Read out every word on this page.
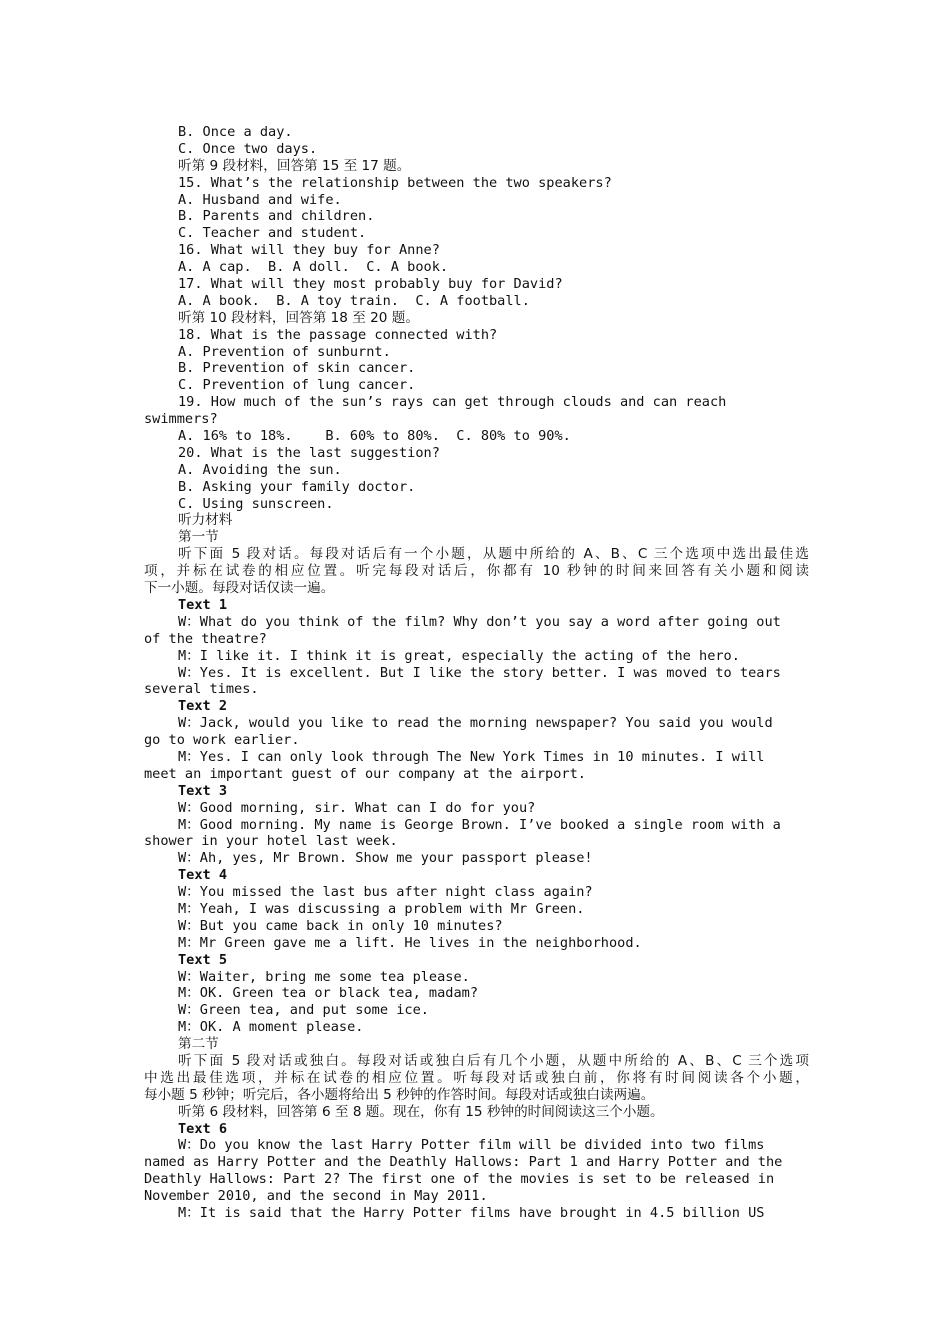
B. Once a day.
C. Once two days.
听第 9 段材料，回答第 15 至 17 题。
15. What’s the relationship between the two speakers?
A. Husband and wife.
B. Parents and children.
C. Teacher and student.
16. What will they buy for Anne?
A. A cap.  B. A doll.  C. A book.
17. What will they most probably buy for David?
A. A book.  B. A toy train.  C. A football.
听第 10 段材料，回答第 18 至 20 题。
18. What is the passage connected with?
A. Prevention of sunburnt.
B. Prevention of skin cancer.
C. Prevention of lung cancer.
19. How much of the sun’s rays can get through clouds and can reach
swimmers?
A. 16% to 18%.    B. 60% to 80%.  C. 80% to 90%.
20. What is the last suggestion?
A. Avoiding the sun.
B. Asking your family doctor.
C. Using sunscreen.
听力材料
第一节
听下面 5 段对话。每段对话后有一个小题，从题中所给的 A、B、C 三个选项中选出最佳选
项，并标在试卷的相应位置。听完每段对话后，你都有 10 秒钟的时间来回答有关小题和阅读
下一小题。每段对话仅读一遍。
Text 1
W：What do you think of the film? Why don’t you say a word after going out
of the theatre?
M：I like it. I think it is great, especially the acting of the hero.
W：Yes. It is excellent. But I like the story better. I was moved to tears
several times.
Text 2
W：Jack, would you like to read the morning newspaper? You said you would
go to work earlier.
M：Yes. I can only look through The New York Times in 10 minutes. I will
meet an important guest of our company at the airport.
Text 3
W：Good morning, sir. What can I do for you?
M：Good morning. My name is George Brown. I’ve booked a single room with a
shower in your hotel last week.
W：Ah, yes, Mr Brown. Show me your passport please!
Text 4
W：You missed the last bus after night class again?
M：Yeah, I was discussing a problem with Mr Green.
W：But you came back in only 10 minutes?
M：Mr Green gave me a lift. He lives in the neighborhood.
Text 5
W：Waiter, bring me some tea please.
M：OK. Green tea or black tea, madam?
W：Green tea, and put some ice.
M：OK. A moment please.
第二节
听下面 5 段对话或独白。每段对话或独白后有几个小题，从题中所给的 A、B、C 三个选项
中选出最佳选项，并标在试卷的相应位置。听每段对话或独白前，你将有时间阅读各个小题，
每小题 5 秒钟；听完后，各小题将给出 5 秒钟的作答时间。每段对话或独白读两遍。
听第 6 段材料，回答第 6 至 8 题。现在，你有 15 秒钟的时间阅读这三个小题。
Text 6
W：Do you know the last Harry Potter film will be divided into two films
named as Harry Potter and the Deathly Hallows: Part 1 and Harry Potter and the
Deathly Hallows: Part 2? The first one of the movies is set to be released in
November 2010, and the second in May 2011.
M：It is said that the Harry Potter films have brought in 4.5 billion US
